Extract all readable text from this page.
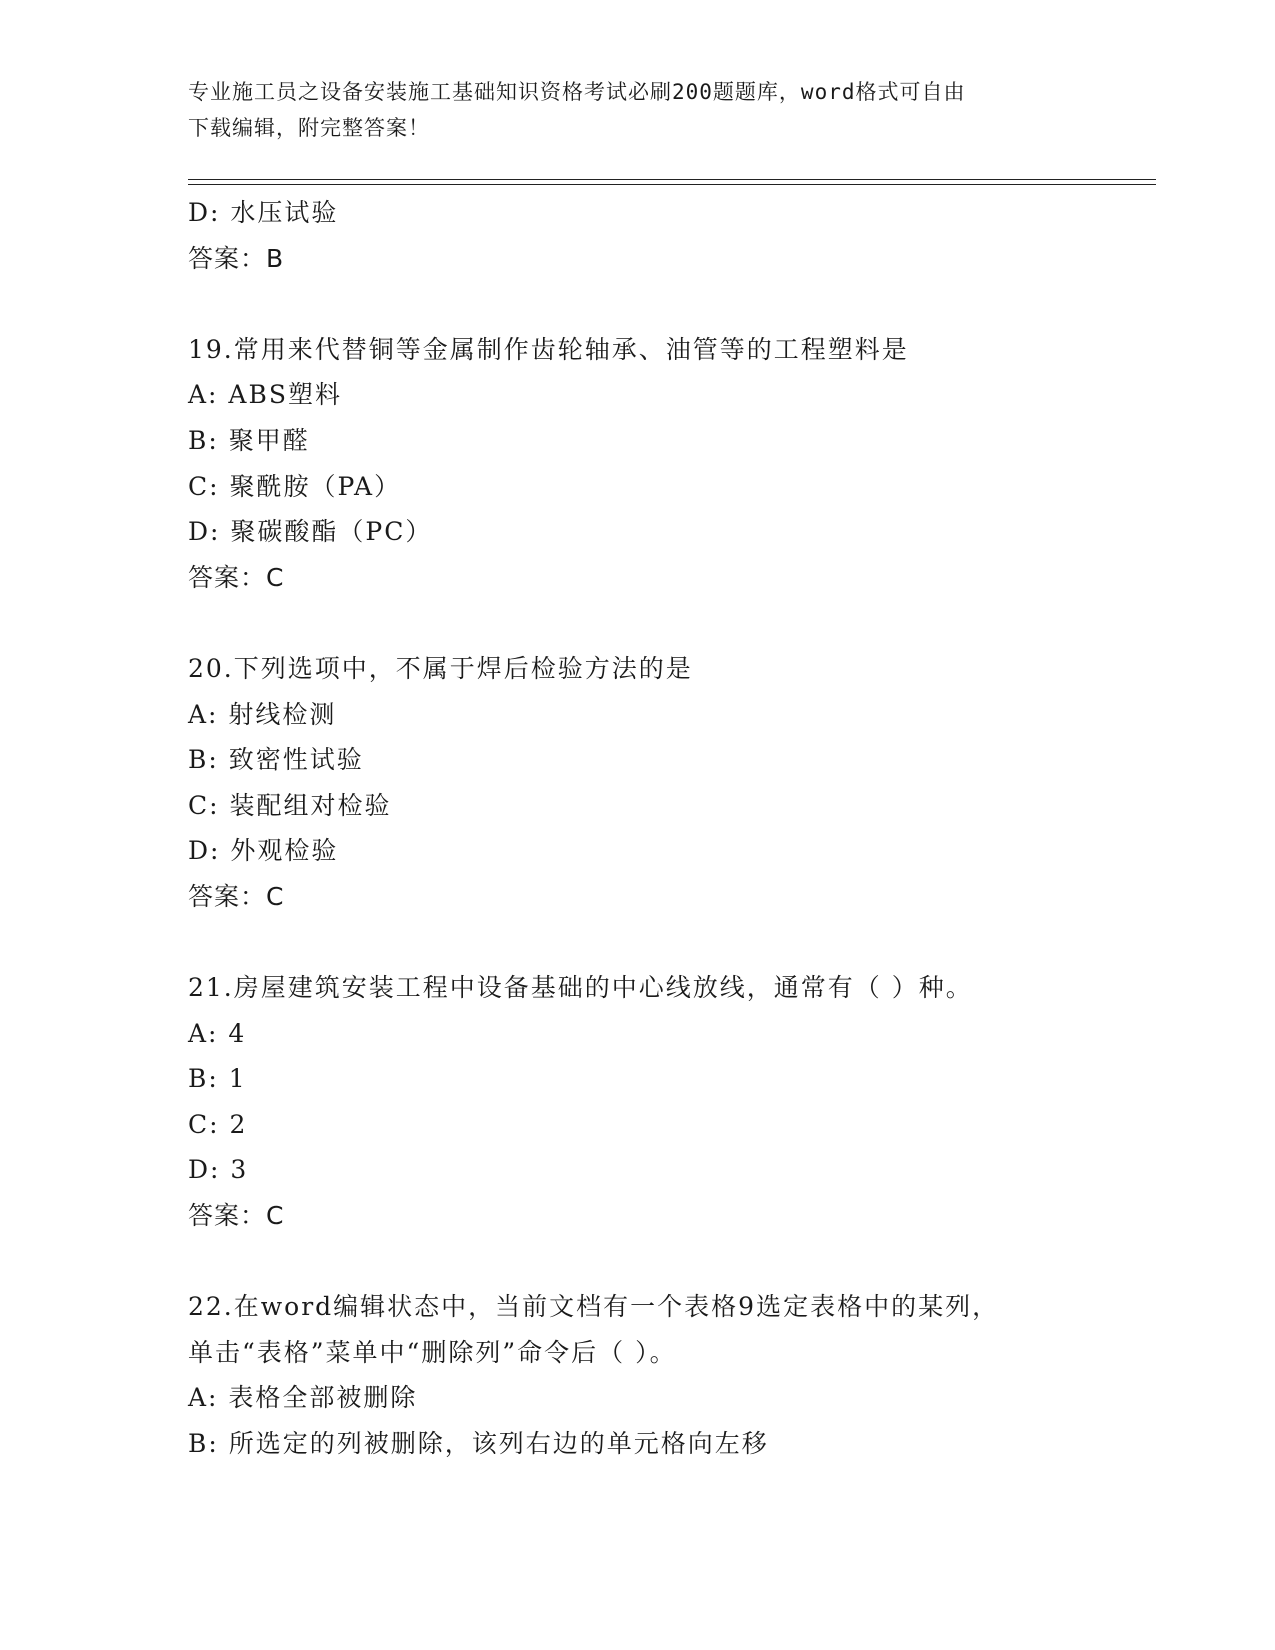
专业施工员之设备安装施工基础知识资格考试必刷200题题库，word格式可自由
下载编辑，附完整答案！
D: 水压试验
答案：B
19.常用来代替铜等金属制作齿轮轴承、油管等的工程塑料是
A: ABS塑料
B: 聚甲醛
C: 聚酰胺（PA）
D: 聚碳酸酯（PC）
答案：C
20.下列选项中，不属于焊后检验方法的是
A: 射线检测
B: 致密性试验
C: 装配组对检验
D: 外观检验
答案：C
21.房屋建筑安装工程中设备基础的中心线放线，通常有（ ）种。
A: 4
B: 1
C: 2
D: 3
答案：C
22.在word编辑状态中，当前文档有一个表格9选定表格中的某列，
单击“表格”菜单中“删除列”命令后（ ）。
A: 表格全部被删除
B: 所选定的列被删除，该列右边的单元格向左移
